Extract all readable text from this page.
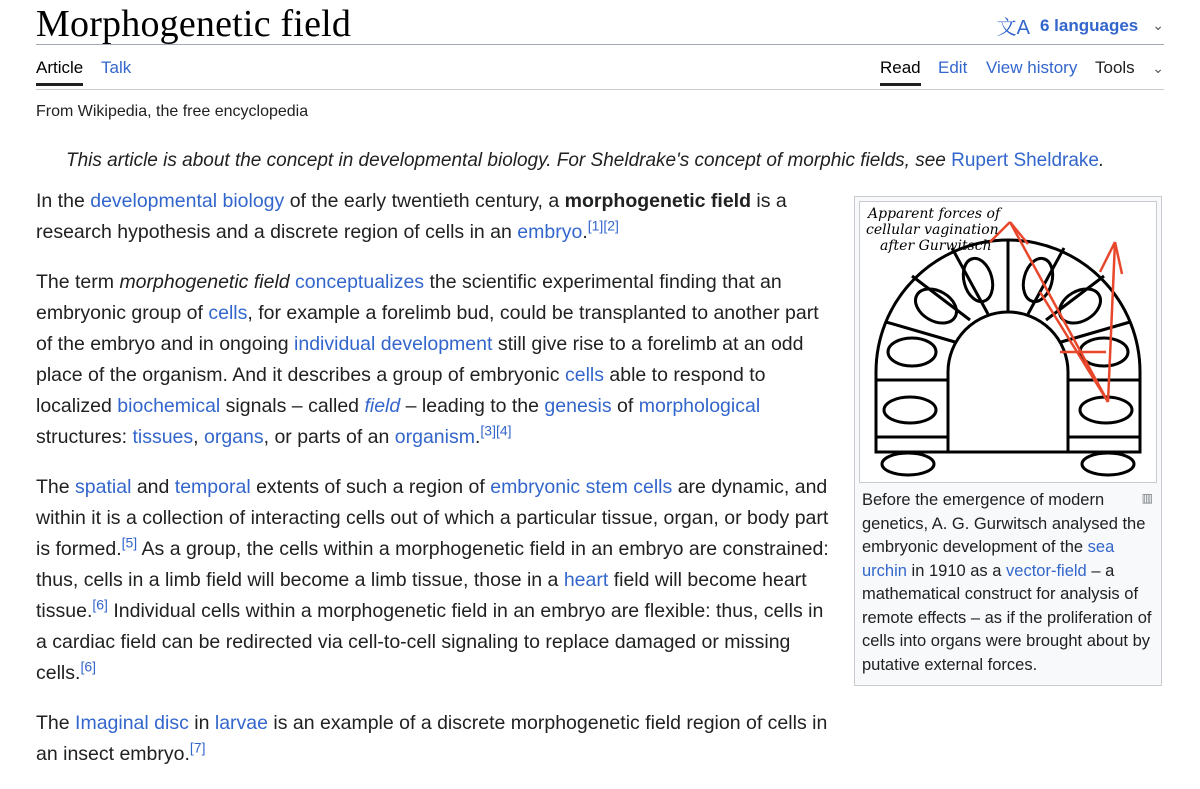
Morphogenetic field	文A 6 languages ⌄
Article Talk	Read Edit View history Tools ⌄
From Wikipedia, the free encyclopedia
This article is about the concept in developmental biology. For Sheldrake's concept of morphic fields, see Rupert Sheldrake.

In the developmental biology of the early twentieth century, a morphogenetic field is a research hypothesis and a discrete region of cells in an embryo.[1][2]

The term morphogenetic field conceptualizes the scientific experimental finding that an embryonic group of cells, for example a forelimb bud, could be transplanted to another part of the embryo and in ongoing individual development still give rise to a forelimb at an odd place of the organism. And it describes a group of embryonic cells able to respond to localized biochemical signals – called field – leading to the genesis of morphological structures: tissues, organs, or parts of an organism.[3][4]

The spatial and temporal extents of such a region of embryonic stem cells are dynamic, and within it is a collection of interacting cells out of which a particular tissue, organ, or body part is formed.[5] As a group, the cells within a morphogenetic field in an embryo are constrained: thus, cells in a limb field will become a limb tissue, those in a heart field will become heart tissue.[6] Individual cells within a morphogenetic field in an embryo are flexible: thus, cells in a cardiac field can be redirected via cell-to-cell signaling to replace damaged or missing cells.[6]

The Imaginal disc in larvae is an example of a discrete morphogenetic field region of cells in an insect embryo.[7]

Apparent forces of
cellular vagination
after Gurwitsch
▥
Before the emergence of modern genetics, A. G. Gurwitsch analysed the embryonic development of the sea urchin in 1910 as a vector-field – a mathematical construct for analysis of remote effects – as if the proliferation of cells into organs were brought about by putative external forces.
